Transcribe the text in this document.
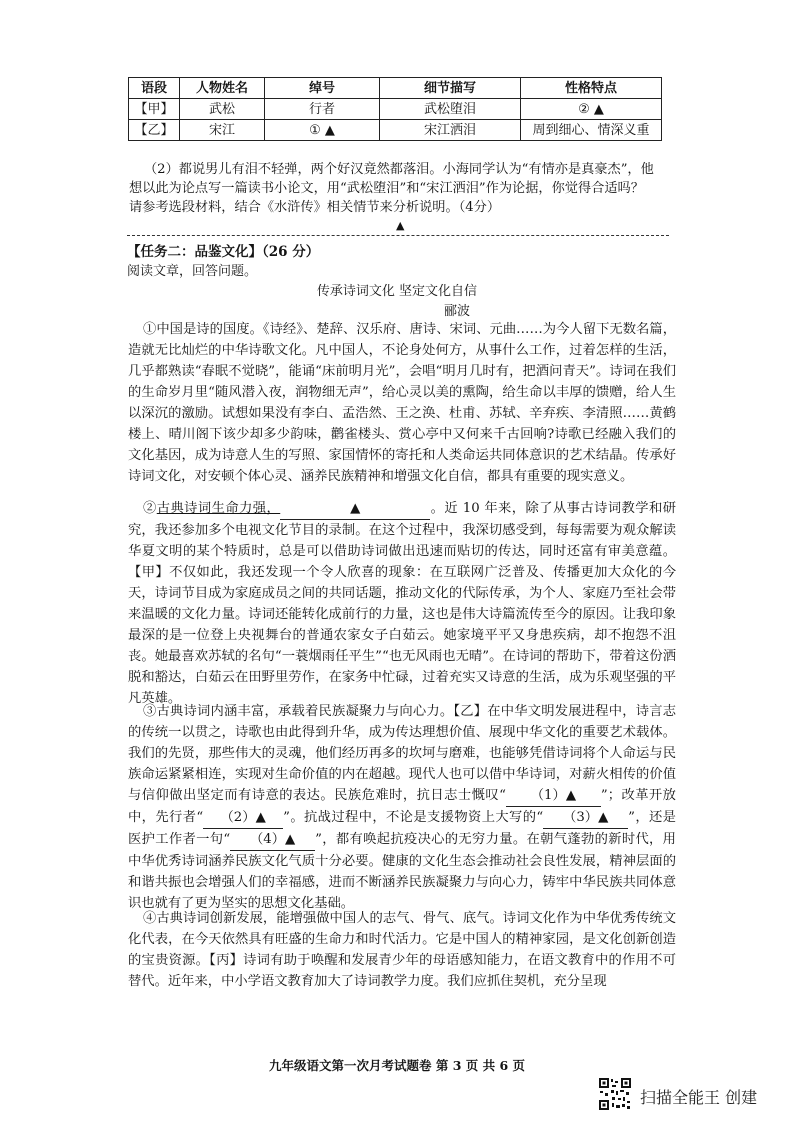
语段	人物姓名	绰号	细节描写	性格特点
【甲】	武松	行者	武松堕泪	② ▲
【乙】	宋江	① ▲	宋江洒泪	周到细心、情深义重

（2）都说男儿有泪不轻弹，两个好汉竟然都落泪。小海同学认为“有情亦是真豪杰”，他

想以此为论点写一篇读书小论文，用“武松堕泪”和“宋江洒泪”作为论据，你觉得合适吗？

请参考选段材料，结合《水浒传》相关情节来分析说明。（4分）

▲
【任务二：品鉴文化】（26 分）
阅读文章，回答问题。
传承诗词文化 坚定文化自信
郦波

①中国是诗的国度。《诗经》、楚辞、汉乐府、唐诗、宋词、元曲……为今人留下无数名篇，造就无比灿烂的中华诗歌文化。凡中国人，不论身处何方，从事什么工作，过着怎样的生活，几乎都熟读“春眠不觉晓”，能诵“床前明月光”，会唱“明月几时有，把酒问青天”。诗词在我们的生命岁月里“随风潜入夜，润物细无声”，给心灵以美的熏陶，给生命以丰厚的馈赠，给人生以深沉的激励。试想如果没有李白、孟浩然、王之涣、杜甫、苏轼、辛弃疾、李清照……黄鹤楼上、晴川阁下该少却多少韵味，鹳雀楼头、赏心亭中又何来千古回响?诗歌已经融入我们的文化基因，成为诗意人生的写照、家国情怀的寄托和人类命运共同体意识的艺术结晶。传承好诗词文化，对安顿个体心灵、涵养民族精神和增强文化自信，都具有重要的现实意义。

②古典诗词生命力强，	▲	。近 10 年来，除了从事古诗词教学和研究，我还参加多个电视文化节目的录制。在这个过程中，我深切感受到，每每需要为观众解读华夏文明的某个特质时，总是可以借助诗词做出迅速而贴切的传达，同时还富有审美意蕴。【甲】不仅如此，我还发现一个令人欣喜的现象：在互联网广泛普及、传播更加大众化的今天，诗词节目成为家庭成员之间的共同话题，推动文化的代际传承，为个人、家庭乃至社会带来温暖的文化力量。诗词还能转化成前行的力量，这也是伟大诗篇流传至今的原因。让我印象最深的是一位登上央视舞台的普通农家女子白茹云。她家境平平又身患疾病，却不抱怨不沮丧。她最喜欢苏轼的名句“一蓑烟雨任平生”“也无风雨也无晴”。在诗词的帮助下，带着这份洒脱和豁达，白茹云在田野里劳作，在家务中忙碌，过着充实又诗意的生活，成为乐观坚强的平凡英雄。

③古典诗词内涵丰富，承载着民族凝聚力与向心力。【乙】在中华文明发展进程中，诗言志的传统一以贯之，诗歌也由此得到升华，成为传达理想价值、展现中华文化的重要艺术载体。我们的先贤，那些伟大的灵魂，他们经历再多的坎坷与磨难，也能够凭借诗词将个人命运与民族命运紧紧相连，实现对生命价值的内在超越。现代人也可以借中华诗词，对薪火相传的价值与信仰做出坚定而有诗意的表达。民族危难时，抗日志士慨叹“ （1）▲ ”；改革开放中，先行者“ （2）▲ ”。抗战过程中，不论是支援物资上大写的“ （3）▲ ”，还是医护工作者一句“ （4）▲ ”，都有唤起抗疫决心的无穷力量。在朝气蓬勃的新时代，用中华优秀诗词涵养民族文化气质十分必要。健康的文化生态会推动社会良性发展，精神层面的和谐共振也会增强人们的幸福感，进而不断涵养民族凝聚力与向心力，铸牢中华民族共同体意识也就有了更为坚实的思想文化基础。

④古典诗词创新发展，能增强做中国人的志气、骨气、底气。诗词文化作为中华优秀传统文化代表，在今天依然具有旺盛的生命力和时代活力。它是中国人的精神家园，是文化创新创造的宝贵资源。【丙】诗词有助于唤醒和发展青少年的母语感知能力，在语文教育中的作用不可替代。近年来，中小学语文教育加大了诗词教学力度。我们应抓住契机，充分呈现

九年级语文第一次月考试题卷 第 3 页 共 6 页
扫描全能王 创建
